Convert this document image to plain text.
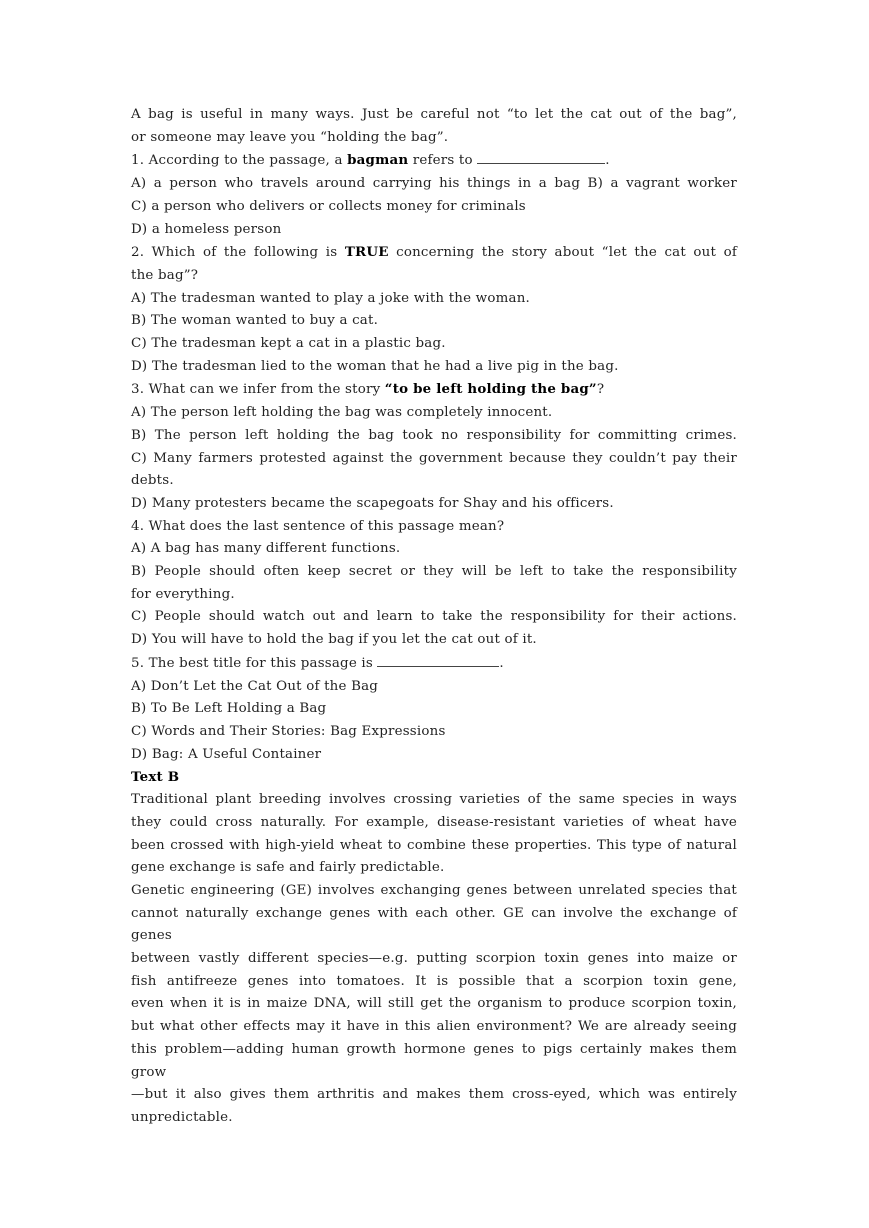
A bag is useful in many ways. Just be careful not “to let the cat out of the bag”,
or someone may leave you “holding the bag”.
1. According to the passage, a bagman refers to	.
A) a person who travels around carrying his things in a bag B) a vagrant worker
C) a person who delivers or collects money for criminals
D) a homeless person
2. Which of the following is TRUE concerning the story about “let the cat out of
the bag”?
A) The tradesman wanted to play a joke with the woman.
B) The woman wanted to buy a cat.
C) The tradesman kept a cat in a plastic bag.
D) The tradesman lied to the woman that he had a live pig in the bag.
3. What can we infer from the story “to be left holding the bag”?
A) The person left holding the bag was completely innocent.
B) The person left holding the bag took no responsibility for committing crimes.
C) Many farmers protested against the government because they couldn’t pay their
debts.
D) Many protesters became the scapegoats for Shay and his officers.
4. What does the last sentence of this passage mean?
A) A bag has many different functions.
B) People should often keep secret or they will be left to take the responsibility
for everything.
C) People should watch out and learn to take the responsibility for their actions.
D) You will have to hold the bag if you let the cat out of it.
5. The best title for this passage is	.
A) Don’t Let the Cat Out of the Bag
B) To Be Left Holding a Bag
C) Words and Their Stories: Bag Expressions
D) Bag: A Useful Container
Text B
Traditional plant breeding involves crossing varieties of the same species in ways
they could cross naturally. For example, disease-resistant varieties of wheat have
been crossed with high-yield wheat to combine these properties. This type of natural
gene exchange is safe and fairly predictable.
Genetic engineering (GE) involves exchanging genes between unrelated species that
cannot naturally exchange genes with each other. GE can involve the exchange of genes
between vastly different species—e.g. putting scorpion toxin genes into maize or
fish antifreeze genes into tomatoes. It is possible that a scorpion toxin gene,
even when it is in maize DNA, will still get the organism to produce scorpion toxin,
but what other effects may it have in this alien environment? We are already seeing
this problem—adding human growth hormone genes to pigs certainly makes them grow
—but it also gives them arthritis and makes them cross-eyed, which was entirely
unpredictable.
